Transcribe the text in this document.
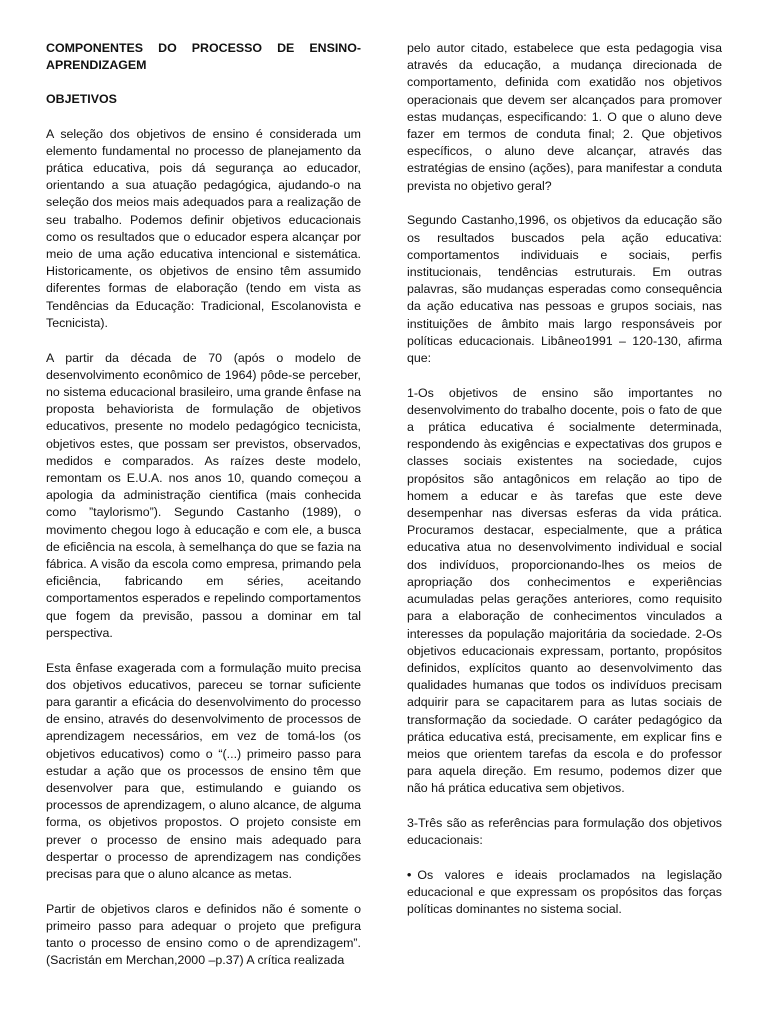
COMPONENTES DO PROCESSO DE ENSINO-APRENDIZAGEM
OBJETIVOS

A seleção dos objetivos de ensino é considerada um elemento fundamental no processo de planejamento da prática educativa, pois dá segurança ao educador, orientando a sua atuação pedagógica, ajudando-o na seleção dos meios mais adequados para a realização de seu trabalho. Podemos definir objetivos educacionais como os resultados que o educador espera alcançar por meio de uma ação educativa intencional e sistemática. Historicamente, os objetivos de ensino têm assumido diferentes formas de elaboração (tendo em vista as Tendências da Educação: Tradicional, Escolanovista e Tecnicista).

A partir da década de 70 (após o modelo de desenvolvimento econômico de 1964) pôde-se perceber, no sistema educacional brasileiro, uma grande ênfase na proposta behaviorista de formulação de objetivos educativos, presente no modelo pedagógico tecnicista, objetivos estes, que possam ser previstos, observados, medidos e comparados. As raízes deste modelo, remontam os E.U.A. nos anos 10, quando começou a apologia da administração cientifica (mais conhecida como ”taylorismo”). Segundo Castanho (1989), o movimento chegou logo à educação e com ele, a busca de eficiência na escola, à semelhança do que se fazia na fábrica. A visão da escola como empresa, primando pela eficiência, fabricando em séries, aceitando comportamentos esperados e repelindo comportamentos que fogem da previsão, passou a dominar em tal perspectiva.

Esta ênfase exagerada com a formulação muito precisa dos objetivos educativos, pareceu se tornar suficiente para garantir a eficácia do desenvolvimento do processo de ensino, através do desenvolvimento de processos de aprendizagem necessários, em vez de tomá-los (os objetivos educativos) como o “(...) primeiro passo para estudar a ação que os processos de ensino têm que desenvolver para que, estimulando e guiando os processos de aprendizagem, o aluno alcance, de alguma forma, os objetivos propostos. O projeto consiste em prever o processo de ensino mais adequado para despertar o processo de aprendizagem nas condições precisas para que o aluno alcance as metas.

Partir de objetivos claros e definidos não é somente o primeiro passo para adequar o projeto que prefigura tanto o processo de ensino como o de aprendizagem”. (Sacristán em Merchan,2000 –p.37) A crítica realizada

pelo autor citado, estabelece que esta pedagogia visa através da educação, a mudança direcionada de comportamento, definida com exatidão nos objetivos operacionais que devem ser alcançados para promover estas mudanças, especificando: 1. O que o aluno deve fazer em termos de conduta final; 2. Que objetivos específicos, o aluno deve alcançar, através das estratégias de ensino (ações), para manifestar a conduta prevista no objetivo geral?

Segundo Castanho,1996, os objetivos da educação são os resultados buscados pela ação educativa: comportamentos individuais e sociais, perfis institucionais, tendências estruturais. Em outras palavras, são mudanças esperadas como consequência da ação educativa nas pessoas e grupos sociais, nas instituições de âmbito mais largo responsáveis por políticas educacionais. Libâneo1991 – 120-130, afirma que:

1-Os objetivos de ensino são importantes no desenvolvimento do trabalho docente, pois o fato de que a prática educativa é socialmente determinada, respondendo às exigências e expectativas dos grupos e classes sociais existentes na sociedade, cujos propósitos são antagônicos em relação ao tipo de homem a educar e às tarefas que este deve desempenhar nas diversas esferas da vida prática. Procuramos destacar, especialmente, que a prática educativa atua no desenvolvimento individual e social dos indivíduos, proporcionando-lhes os meios de apropriação dos conhecimentos e experiências acumuladas pelas gerações anteriores, como requisito para a elaboração de conhecimentos vinculados a interesses da população majoritária da sociedade. 2-Os objetivos educacionais expressam, portanto, propósitos definidos, explícitos quanto ao desenvolvimento das qualidades humanas que todos os indivíduos precisam adquirir para se capacitarem para as lutas sociais de transformação da sociedade. O caráter pedagógico da prática educativa está, precisamente, em explicar fins e meios que orientem tarefas da escola e do professor para aquela direção. Em resumo, podemos dizer que não há prática educativa sem objetivos.

3-Três são as referências para formulação dos objetivos educacionais:

• Os valores e ideais proclamados na legislação educacional e que expressam os propósitos das forças políticas dominantes no sistema social.
